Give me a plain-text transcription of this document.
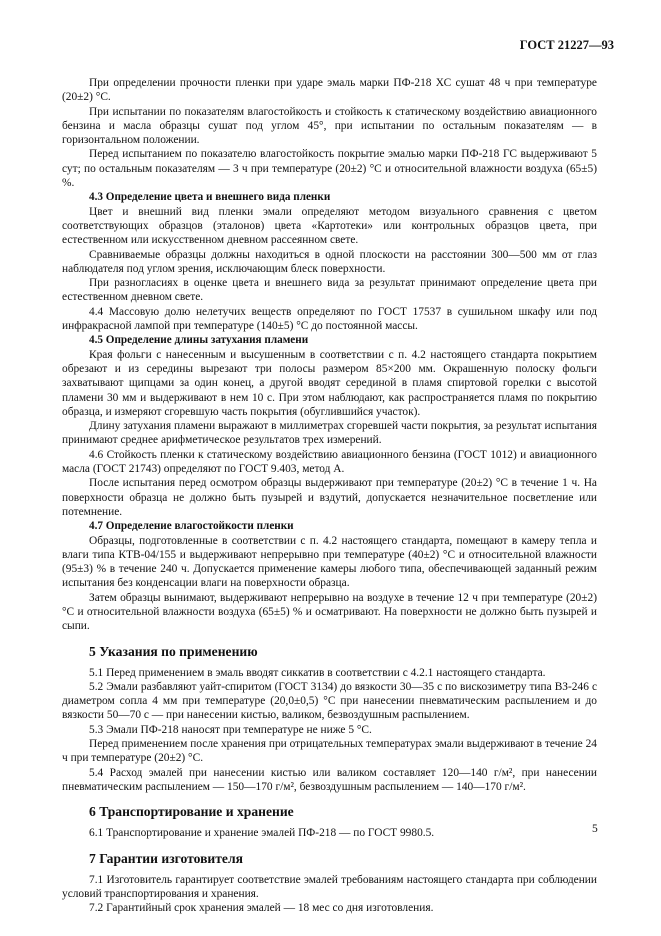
ГОСТ 21227—93

При определении прочности пленки при ударе эмаль марки ПФ-218 ХС сушат 48 ч при температуре (20±2) °С.

При испытании по показателям влагостойкость и стойкость к статическому воздействию авиационного бензина и масла образцы сушат под углом 45°, при испытании по остальным показателям — в горизонтальном положении.

Перед испытанием по показателю влагостойкость покрытие эмалью марки ПФ-218 ГС выдерживают 5 сут; по остальным показателям — 3 ч при температуре (20±2) °С и относительной влажности воздуха (65±5) %.

4.3 Определение цвета и внешнего вида пленки

Цвет и внешний вид пленки эмали определяют методом визуального сравнения с цветом соответствующих образцов (эталонов) цвета «Картотеки» или контрольных образцов цвета, при естественном или искусственном дневном рассеянном свете.

Сравниваемые образцы должны находиться в одной плоскости на расстоянии 300—500 мм от глаз наблюдателя под углом зрения, исключающим блеск поверхности.

При разногласиях в оценке цвета и внешнего вида за результат принимают определение цвета при естественном дневном свете.

4.4 Массовую долю нелетучих веществ определяют по ГОСТ 17537 в сушильном шкафу или под инфракрасной лампой при температуре (140±5) °С до постоянной массы.

4.5 Определение длины затухания пламени

Края фольги с нанесенным и высушенным в соответствии с п. 4.2 настоящего стандарта покрытием обрезают и из середины вырезают три полосы размером 85×200 мм. Окрашенную полоску фольги захватывают щипцами за один конец, а другой вводят серединой в пламя спиртовой горелки с высотой пламени 30 мм и выдерживают в нем 10 с. При этом наблюдают, как распространяется пламя по покрытию образца, и измеряют сгоревшую часть покрытия (обуглившийся участок).

Длину затухания пламени выражают в миллиметрах сгоревшей части покрытия, за результат испытания принимают среднее арифметическое результатов трех измерений.

4.6 Стойкость пленки к статическому воздействию авиационного бензина (ГОСТ 1012) и авиационного масла (ГОСТ 21743) определяют по ГОСТ 9.403, метод А.

После испытания перед осмотром образцы выдерживают при температуре (20±2) °С в течение 1 ч. На поверхности образца не должно быть пузырей и вздутий, допускается незначительное посветление или потемнение.

4.7 Определение влагостойкости пленки

Образцы, подготовленные в соответствии с п. 4.2 настоящего стандарта, помещают в камеру тепла и влаги типа КТВ-04/155 и выдерживают непрерывно при температуре (40±2) °С и относительной влажности (95±3) % в течение 240 ч. Допускается применение камеры любого типа, обеспечивающей заданный режим испытания без конденсации влаги на поверхности образца.

Затем образцы вынимают, выдерживают непрерывно на воздухе в течение 12 ч при температуре (20±2) °С и относительной влажности воздуха (65±5) % и осматривают. На поверхности не должно быть пузырей и сыпи.

5 Указания по применению

5.1 Перед применением в эмаль вводят сиккатив в соответствии с 4.2.1 настоящего стандарта.

5.2 Эмали разбавляют уайт-спиритом (ГОСТ 3134) до вязкости 30—35 с по вискозиметру типа ВЗ-246 с диаметром сопла 4 мм при температуре (20,0±0,5) °С при нанесении пневматическим распылением и до вязкости 50—70 с — при нанесении кистью, валиком, безвоздушным распылением.

5.3 Эмали ПФ-218 наносят при температуре не ниже 5 °С.

Перед применением после хранения при отрицательных температурах эмали выдерживают в течение 24 ч при температуре (20±2) °С.

5.4 Расход эмалей при нанесении кистью или валиком составляет 120—140 г/м², при нанесении пневматическим распылением — 150—170 г/м², безвоздушным распылением — 140—170 г/м².

6 Транспортирование и хранение

6.1 Транспортирование и хранение эмалей ПФ-218 — по ГОСТ 9980.5.

7 Гарантии изготовителя

7.1 Изготовитель гарантирует соответствие эмалей требованиям настоящего стандарта при соблюдении условий транспортирования и хранения.

7.2 Гарантийный срок хранения эмалей — 18 мес со дня изготовления.

5
